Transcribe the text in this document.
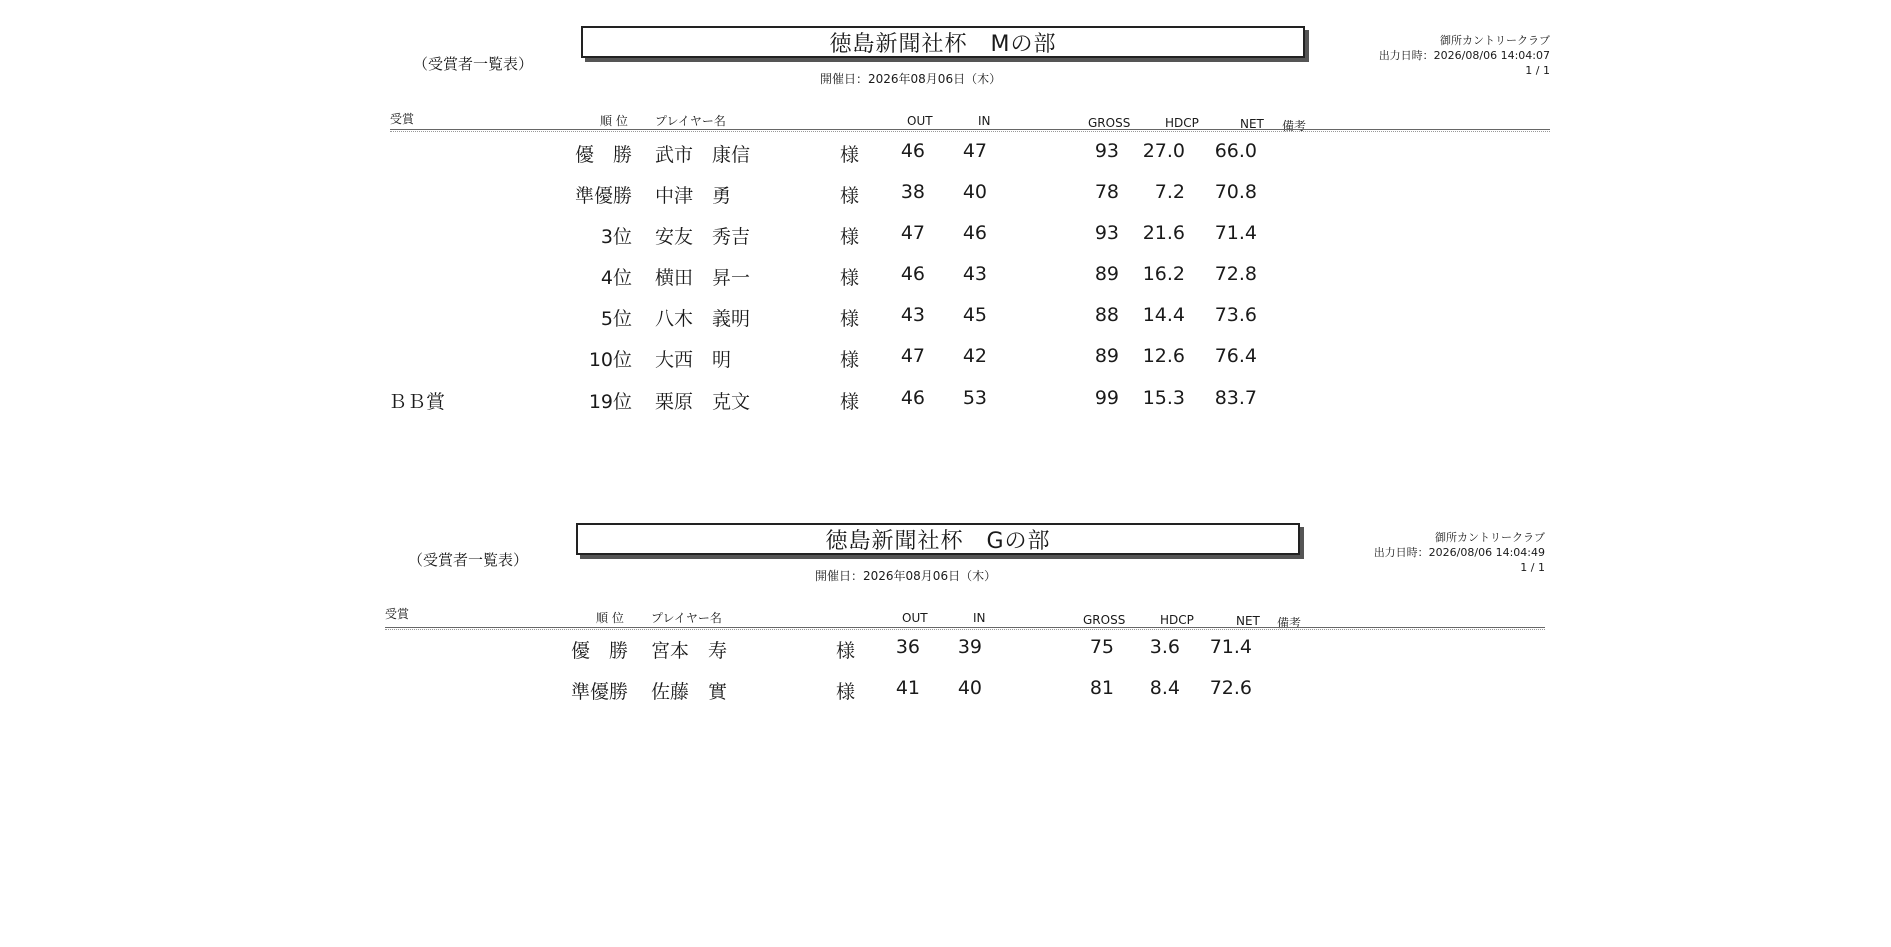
徳島新聞社杯　Mの部
（受賞者一覧表）
開催日：2026年08月06日（木）
御所カントリークラブ
出力日時：2026/08/06 14:04:07
1 / 1
受賞	順 位 プレイヤー名	OUT	IN	GROSS	HDCP	NET 備考
優　勝 武市　康信	様	46	47	93	27.0	66.0
準優勝 中津　勇	様	38	40	78	7.2	70.8
3位 安友　秀吉	様	47	46	93	21.6	71.4
4位 横田　昇一	様	46	43	89	16.2	72.8
5位 八木　義明	様	43	45	88	14.4	73.6
10位 大西　明	様	47	42	89	12.6	76.4
ＢＢ賞	19位 栗原　克文	様	46	53	99	15.3	83.7
徳島新聞社杯　Gの部
（受賞者一覧表）
開催日：2026年08月06日（木）
御所カントリークラブ
出力日時：2026/08/06 14:04:49
1 / 1
受賞	順 位 プレイヤー名	OUT	IN	GROSS	HDCP	NET 備考
優　勝 宮本　寿	様	36	39	75	3.6	71.4
準優勝 佐藤　實	様	41	40	81	8.4	72.6
